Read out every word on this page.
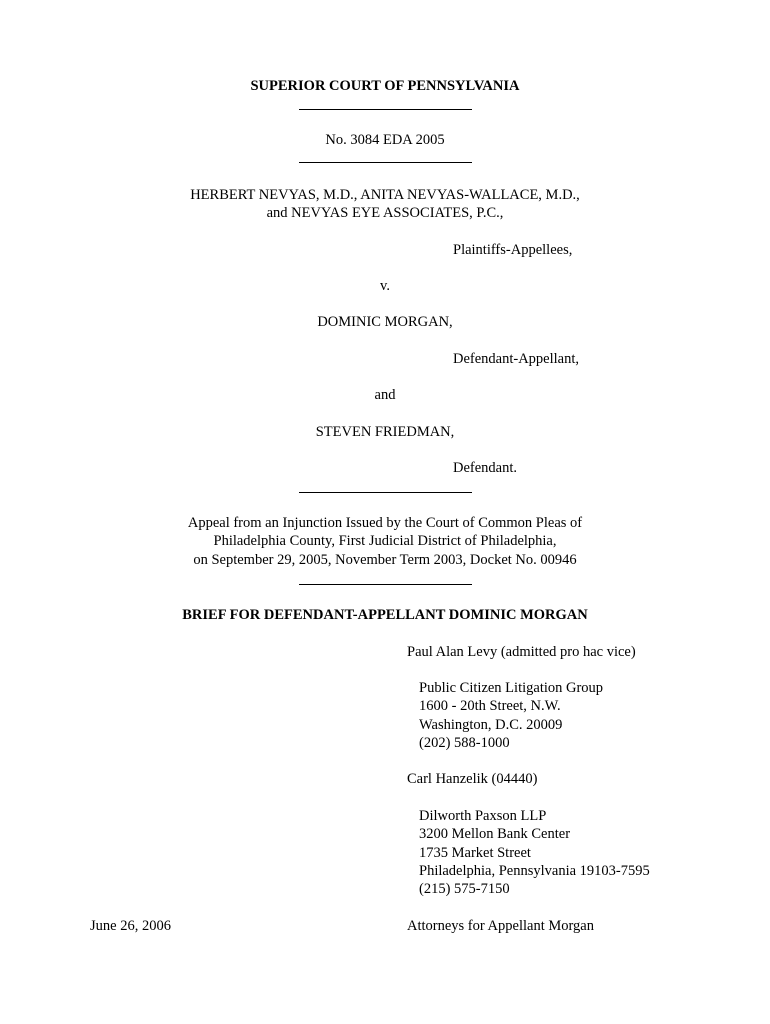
SUPERIOR COURT OF PENNSYLVANIA
No. 3084 EDA 2005
HERBERT NEVYAS, M.D., ANITA NEVYAS-WALLACE, M.D.,
and NEVYAS EYE ASSOCIATES, P.C.,
Plaintiffs-Appellees,
v.
DOMINIC MORGAN,
Defendant-Appellant,
and
STEVEN FRIEDMAN,
Defendant.
Appeal from an Injunction Issued by the Court of Common Pleas of
Philadelphia County, First Judicial District of Philadelphia,
on September 29, 2005, November Term 2003, Docket No. 00946
BRIEF FOR DEFENDANT-APPELLANT DOMINIC MORGAN
Paul Alan Levy (admitted pro hac vice)
Public Citizen Litigation Group
1600 - 20th Street, N.W.
Washington, D.C. 20009
(202) 588-1000
Carl Hanzelik (04440)
Dilworth Paxson LLP
3200 Mellon Bank Center
1735 Market Street
Philadelphia, Pennsylvania 19103-7595
(215) 575-7150
June 26, 2006	Attorneys for Appellant Morgan
